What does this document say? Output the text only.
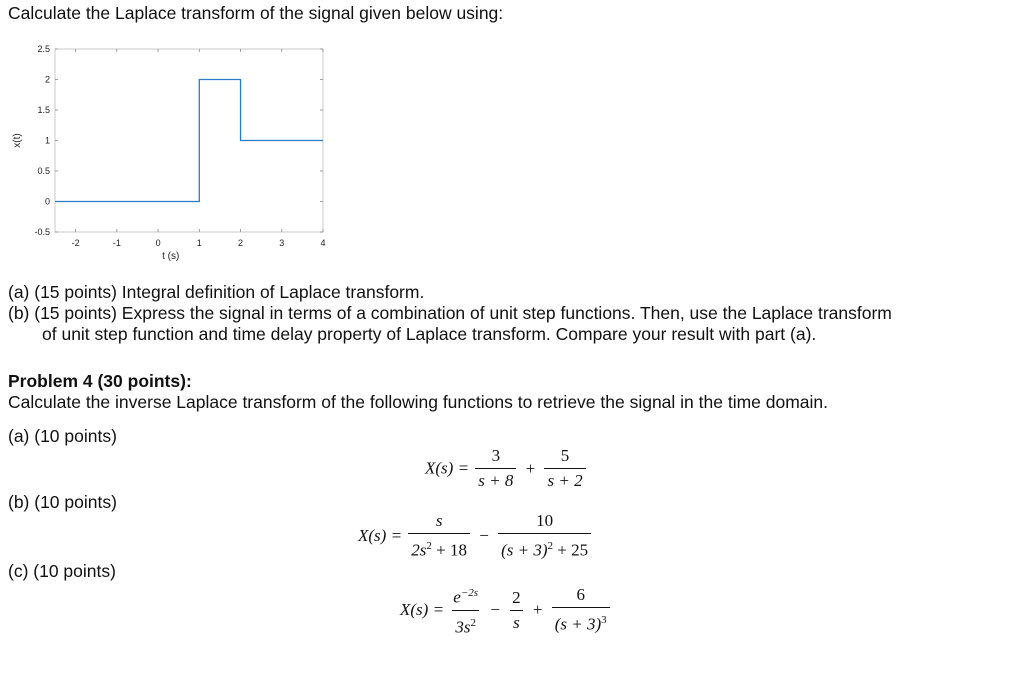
Calculate the Laplace transform of the signal given below using:
-0.5
0
0.5
1
1.5
2
2.5
-2	-1	0	1	2	3	4
t (s)
x(t)
(a) (15 points) Integral definition of Laplace transform.
(b) (15 points) Express the signal in terms of a combination of unit step functions. Then, use the Laplace transform
of unit step function and time delay property of Laplace transform. Compare your result with part (a).
Problem 4 (30 points):
Calculate the inverse Laplace transform of the following functions to retrieve the signal in the time domain.
(a) (10 points)
(b) (10 points)
(c) (10 points)
$X(s) = \frac{3}{s + 8} + \frac{5}{s + 2}$
$X(s) = \frac{s}{2s^2 + 18} - \frac{10}{(s + 3)^2 + 25}$
$X(s) = \frac{e^{-2s}}{3s^2} - \frac{2}{s} + \frac{6}{(s + 3)^3}$
